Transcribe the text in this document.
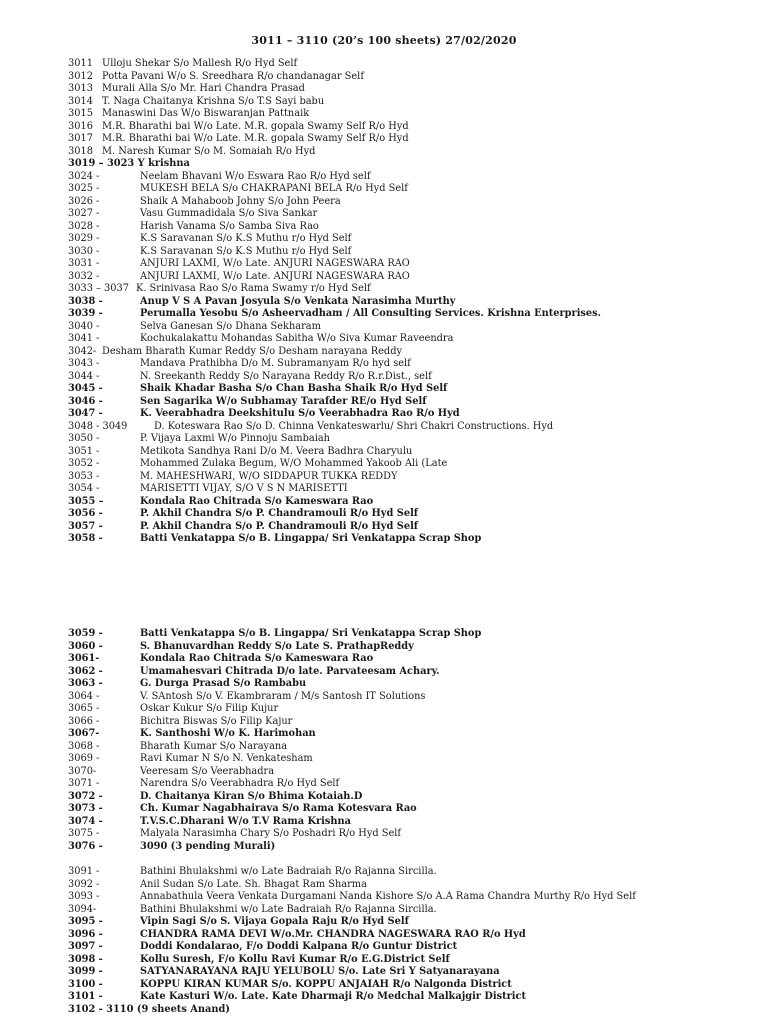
3011 – 3110 (20’s 100 sheets) 27/02/2020
3011 Ulloju Shekar S/o Mallesh R/o Hyd Self
3012 Potta Pavani W/o S. Sreedhara R/o chandanagar Self
3013 Murali Alla S/o Mr. Hari Chandra Prasad
3014 T. Naga Chaitanya Krishna S/o T.S Sayi babu
3015 Manaswini Das W/o Biswaranjan Pattnaik
3016 M.R. Bharathi bai W/o Late. M.R. gopala Swamy Self R/o Hyd
3017 M.R. Bharathi bai W/o Late. M.R. gopala Swamy Self R/o Hyd
3018 M. Naresh Kumar S/o M. Somaiah R/o Hyd
3019 – 3023 Y krishna
3024 -	Neelam Bhavani W/o Eswara Rao R/o Hyd self
3025 -	MUKESH BELA S/o CHAKRAPANI BELA R/o Hyd Self
3026 -	Shaik A Mahaboob Johny S/o John Peera
3027 -	Vasu Gummadidala S/o Siva Sankar
3028 -	Harish Vanama S/o Samba Siva Rao
3029 -	K.S Saravanan S/o K.S Muthu r/o Hyd Self
3030 -	K.S Saravanan S/o K.S Muthu r/o Hyd Self
3031 -	ANJURI LAXMI, W/o Late. ANJURI NAGESWARA RAO
3032 -	ANJURI LAXMI, W/o Late. ANJURI NAGESWARA RAO
3033 – 3037 K. Srinivasa Rao S/o Rama Swamy r/o Hyd Self
3038 -	Anup V S A Pavan Josyula S/o Venkata Narasimha Murthy
3039 -	Perumalla Yesobu S/o Asheervadham / All Consulting Services. Krishna Enterprises.
3040 -	Selva Ganesan S/o Dhana Sekharam
3041 -	Kochukalakattu Mohandas Sabitha W/o Siva Kumar Raveendra
3042- Desham Bharath Kumar Reddy S/o Desham narayana Reddy
3043 -	Mandava Prathibha D/o M. Subramanyam R/o hyd self
3044 -	N. Sreekanth Reddy S/o Narayana Reddy R/o R.r.Dist., self
3045 -	Shaik Khadar Basha S/o Chan Basha Shaik R/o Hyd Self
3046 -	Sen Sagarika W/o Subhamay Tarafder RE/o Hyd Self
3047 -	K. Veerabhadra Deekshitulu S/o Veerabhadra Rao R/o Hyd
3048 - 3049	D. Koteswara Rao S/o D. Chinna Venkateswarlu/ Shri Chakri Constructions. Hyd
3050 -	P. Vijaya Laxmi W/o Pinnoju Sambaiah
3051 -	Metikota Sandhya Rani D/o M. Veera Badhra Charyulu
3052 -	Mohammed Zulaka Begum, W/O Mohammed Yakoob Ali (Late
3053 -	M. MAHESHWARI, W/O SIDDAPUR TUKKA REDDY
3054 -	MARISETTI VIJAY, S/O V S N MARISETTI
3055 –	Kondala Rao Chitrada S/o Kameswara Rao
3056 -	P. Akhil Chandra S/o P. Chandramouli R/o Hyd Self
3057 -	P. Akhil Chandra S/o P. Chandramouli R/o Hyd Self
3058 -	Batti Venkatappa S/o B. Lingappa/ Sri Venkatappa Scrap Shop
3059 -	Batti Venkatappa S/o B. Lingappa/ Sri Venkatappa Scrap Shop
3060 -	S. Bhanuvardhan Reddy S/o Late S. PrathapReddy
3061-	Kondala Rao Chitrada S/o Kameswara Rao
3062 -	Umamahesvari Chitrada D/o late. Parvateesam Achary.
3063 -	G. Durga Prasad S/o Rambabu
3064 -	V. SAntosh S/o V. Ekambraram / M/s Santosh IT Solutions
3065 -	Oskar Kukur S/o Filip Kujur
3066 -	Bichitra Biswas S/o Filip Kajur
3067-	K. Santhoshi W/o K. Harimohan
3068 -	Bharath Kumar S/o Narayana
3069 -	Ravi Kumar N S/o N. Venkatesham
3070-	Veeresam S/o Veerabhadra
3071 -	Narendra S/o Veerabhadra R/o Hyd Self
3072 -	D. Chaitanya Kiran S/o Bhima Kotaiah.D
3073 -	Ch. Kumar Nagabhairava S/o Rama Kotesvara Rao
3074 -	T.V.S.C.Dharani W/o T.V Rama Krishna
3075 -	Malyala Narasimha Chary S/o Poshadri R/o Hyd Self
3076 -	3090 (3 pending Murali)
3091 -	Bathini Bhulakshmi w/o Late Badraiah R/o Rajanna Sircilla.
3092 -	Anil Sudan S/o Late. Sh. Bhagat Ram Sharma
3093 -	Annabathula Veera Venkata Durgamani Nanda Kishore S/o A.A Rama Chandra Murthy R/o Hyd Self
3094-	Bathini Bhulakshmi w/o Late Badraiah R/o Rajanna Sircilla.
3095 -	Vipin Sagi S/o S. Vijaya Gopala Raju R/o Hyd Self
3096 -	CHANDRA RAMA DEVI W/o.Mr. CHANDRA NAGESWARA RAO R/o Hyd
3097 -	Doddi Kondalarao, F/o Doddi Kalpana R/o Guntur District
3098 -	Kollu Suresh, F/o Kollu Ravi Kumar R/o E.G.District Self
3099 -	SATYANARAYANA RAJU YELUBOLU S/o. Late Sri Y Satyanarayana
3100 -	KOPPU KIRAN KUMAR S/o. KOPPU ANJAIAH R/o Nalgonda District
3101 -	Kate Kasturi W/o. Late. Kate Dharmaji R/o Medchal Malkajgir District
3102 - 3110 (9 sheets Anand)
